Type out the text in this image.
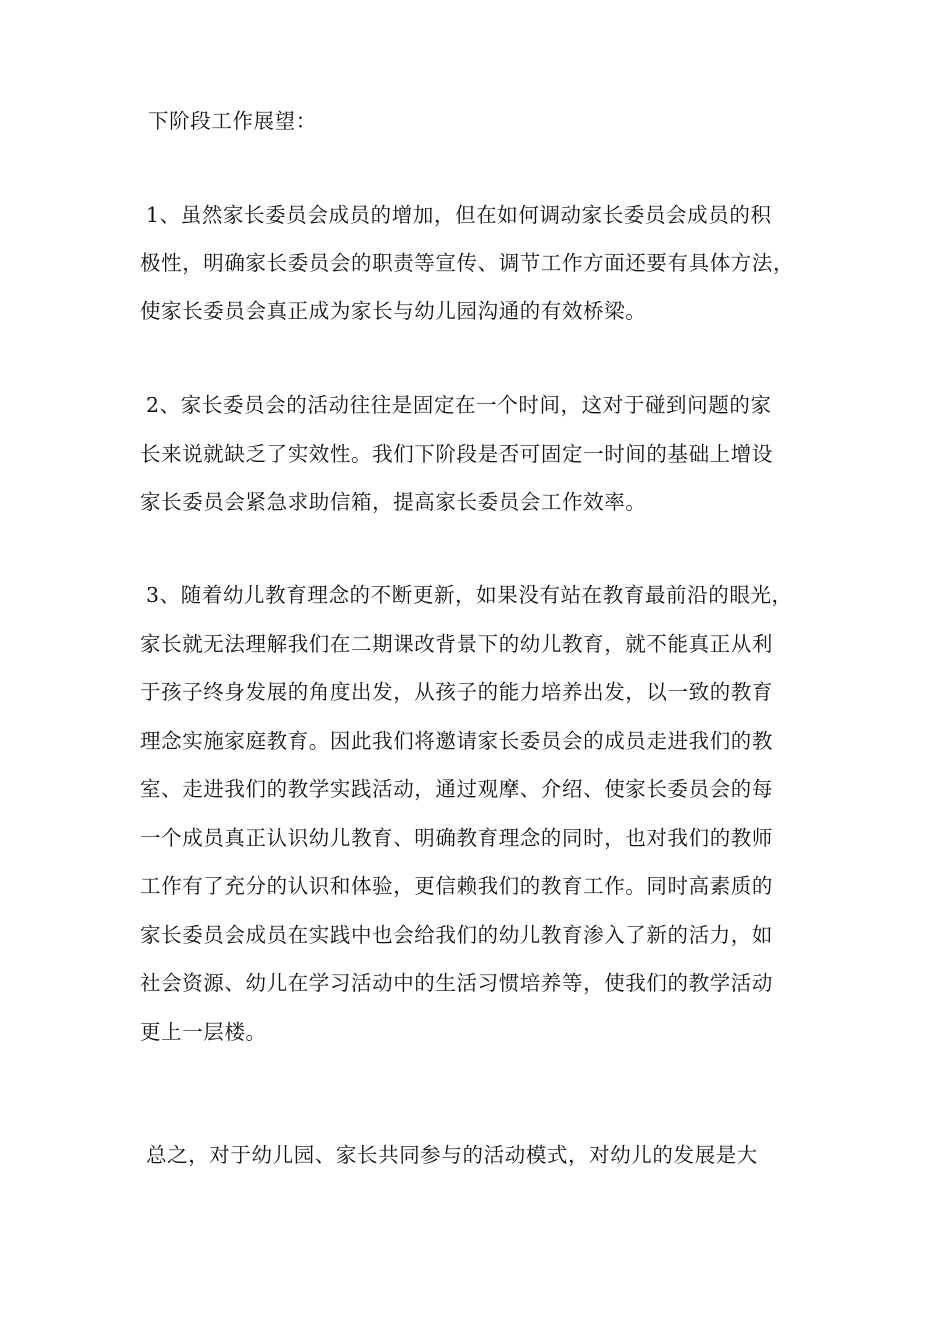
下阶段工作展望：
1、虽然家长委员会成员的增加，但在如何调动家长委员会成员的积
极性，明确家长委员会的职责等宣传、调节工作方面还要有具体方法，
使家长委员会真正成为家长与幼儿园沟通的有效桥梁。
2、家长委员会的活动往往是固定在一个时间，这对于碰到问题的家
长来说就缺乏了实效性。我们下阶段是否可固定一时间的基础上增设
家长委员会紧急求助信箱，提高家长委员会工作效率。
3、随着幼儿教育理念的不断更新，如果没有站在教育最前沿的眼光，
家长就无法理解我们在二期课改背景下的幼儿教育，就不能真正从利
于孩子终身发展的角度出发，从孩子的能力培养出发，以一致的教育
理念实施家庭教育。因此我们将邀请家长委员会的成员走进我们的教
室、走进我们的教学实践活动，通过观摩、介绍、使家长委员会的每
一个成员真正认识幼儿教育、明确教育理念的同时，也对我们的教师
工作有了充分的认识和体验，更信赖我们的教育工作。同时高素质的
家长委员会成员在实践中也会给我们的幼儿教育渗入了新的活力，如
社会资源、幼儿在学习活动中的生活习惯培养等，使我们的教学活动
更上一层楼。
总之，对于幼儿园、家长共同参与的活动模式，对幼儿的发展是大
